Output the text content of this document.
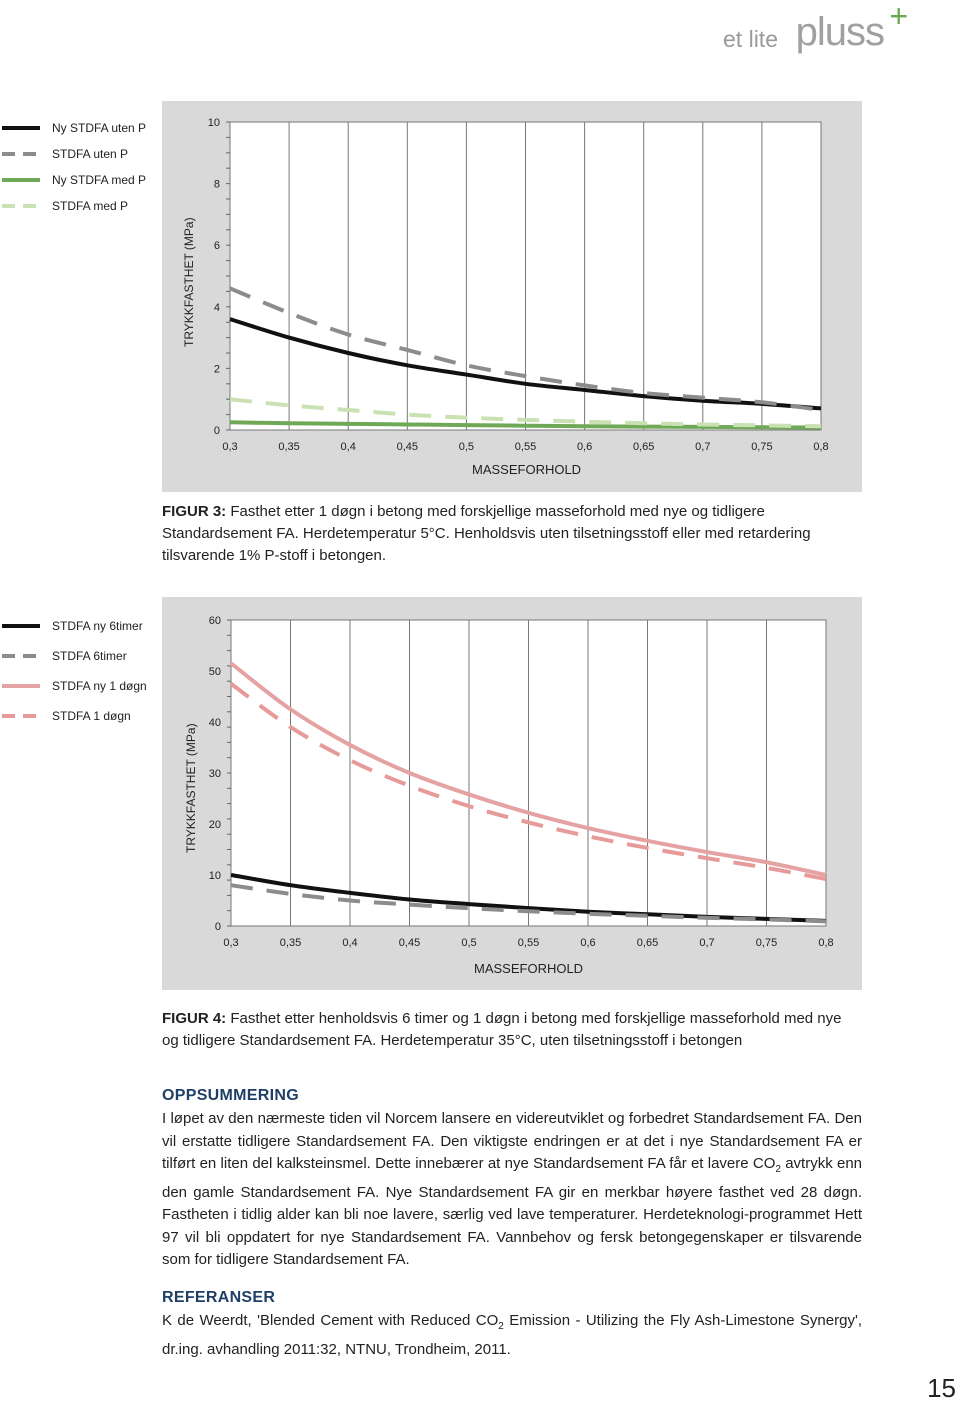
et lite pluss +
Ny STDFA uten P
STDFA uten P
Ny STDFA med P
STDFA med P
0
2
4
6
8
10
0,3	0,35	0,4	0,45	0,5	0,55	0,6	0,65	0,7	0,75	0,8
TRYKKFASTHET (MPa)
MASSEFORHOLD
FIGUR 3: Fasthet etter 1 døgn i betong med forskjellige masseforhold med nye og tidligere Standardsement FA. Herdetemperatur 5°C. Henholdsvis uten tilsetningsstoff eller med retardering tilsvarende 1% P-stoff i betongen.
STDFA ny 6timer
STDFA 6timer
STDFA ny 1 døgn
STDFA 1 døgn
0
10
20
30
40
50
60
0,3	0,35	0,4	0,45	0,5	0,55	0,6	0,65	0,7	0,75	0,8
TRYKKFASTHET (MPa)
MASSEFORHOLD
FIGUR 4: Fasthet etter henholdsvis 6 timer og 1 døgn i betong med forskjellige masseforhold med nye og tidligere Standardsement FA. Herdetemperatur 35°C, uten tilsetningsstoff i betongen
OPPSUMMERING
I løpet av den nærmeste tiden vil Norcem lansere en videreutviklet og forbedret Standardsement FA. Den vil erstatte tidligere Standardsement FA. Den viktigste endringen er at det i nye Standardsement FA er tilført en liten del kalksteinsmel. Dette innebærer at nye Standardsement FA får et lavere $CO_2$ avtrykk enn den gamle Standardsement FA. Nye Standardsement FA gir en merkbar høyere fasthet ved 28 døgn. Fastheten i tidlig alder kan bli noe lavere, særlig ved lave temperaturer. Herdeteknologi-programmet Hett 97 vil bli oppdatert for nye Standardsement FA. Vannbehov og fersk betongegenskaper er tilsvarende som for tidligere Standardsement FA.
REFERANSER
K de Weerdt, 'Blended Cement with Reduced $CO_2$ Emission - Utilizing the Fly Ash-Limestone Synergy', dr.ing. avhandling 2011:32, NTNU, Trondheim, 2011.
15
